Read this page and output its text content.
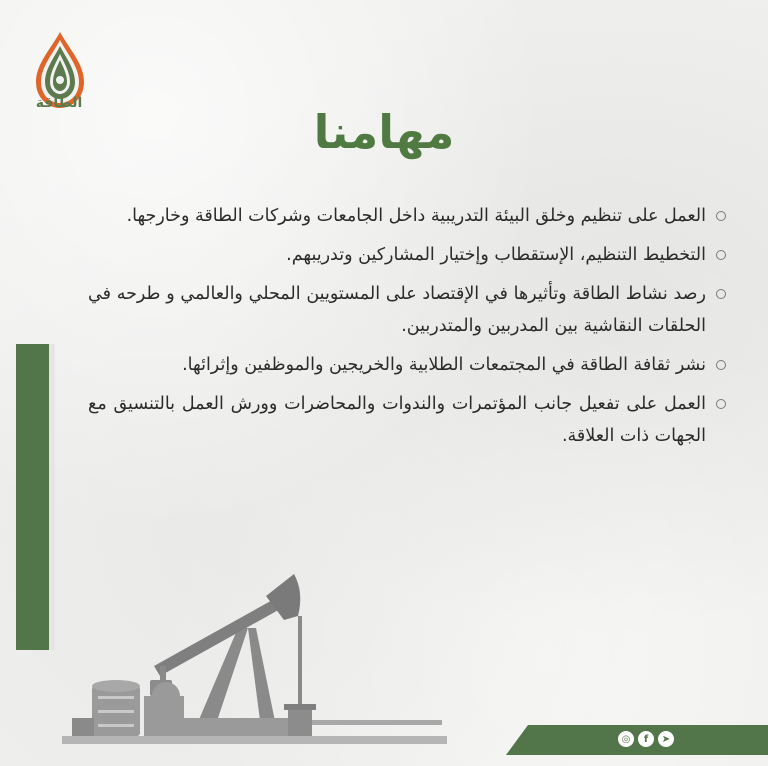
الطاقة
مهامنا
العمل على تنظيم وخلق البيئة التدريبية داخل الجامعات وشركات الطاقة وخارجها.
التخطيط التنظيم، الإستقطاب وإختيار المشاركين وتدريبهم.
رصد نشاط الطاقة وتأثيرها في الإقتصاد على المستويين المحلي والعالمي و طرحه في الحلقات النقاشية بين المدربين والمتدربين.
نشر ثقافة الطاقة في المجتمعات الطلابية والخريجين والموظفين وإثرائها.
العمل على تفعيل جانب المؤتمرات والندوات والمحاضرات وورش العمل بالتنسيق مع الجهات ذات العلاقة.
◎	f	➤
